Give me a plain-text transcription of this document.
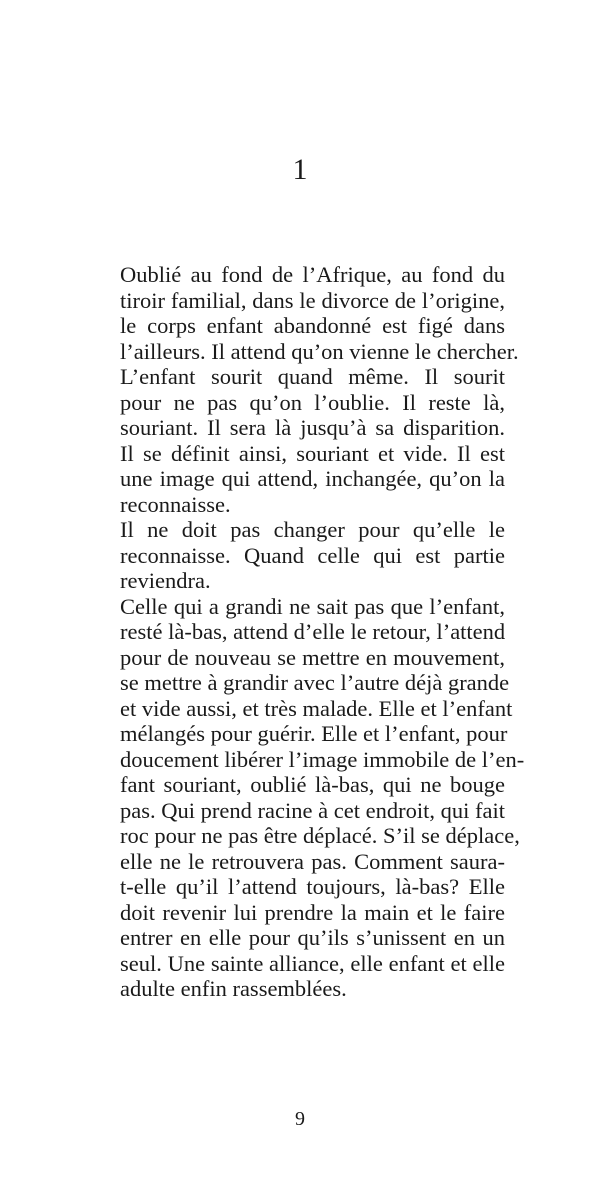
1

Oublié au fond de l’Afrique, au fond du
tiroir familial, dans le divorce de l’origine,
le corps enfant abandonné est figé dans
l’ailleurs. Il attend qu’on vienne le chercher.

L’enfant sourit quand même. Il sourit
pour ne pas qu’on l’oublie. Il reste là,
souriant. Il sera là jusqu’à sa disparition.
Il se définit ainsi, souriant et vide. Il est
une image qui attend, inchangée, qu’on la
reconnaisse.

Il ne doit pas changer pour qu’elle le
reconnaisse. Quand celle qui est partie
reviendra.

Celle qui a grandi ne sait pas que l’enfant,
resté là-bas, attend d’elle le retour, l’attend
pour de nouveau se mettre en mouvement,
se mettre à grandir avec l’autre déjà grande
et vide aussi, et très malade. Elle et l’enfant
mélangés pour guérir. Elle et l’enfant, pour
doucement libérer l’image immobile de l’en-
fant souriant, oublié là-bas, qui ne bouge
pas. Qui prend racine à cet endroit, qui fait
roc pour ne pas être déplacé. S’il se déplace,
elle ne le retrouvera pas. Comment saura-
t-elle qu’il l’attend toujours, là-bas? Elle
doit revenir lui prendre la main et le faire
entrer en elle pour qu’ils s’unissent en un
seul. Une sainte alliance, elle enfant et elle
adulte enfin rassemblées.

9
